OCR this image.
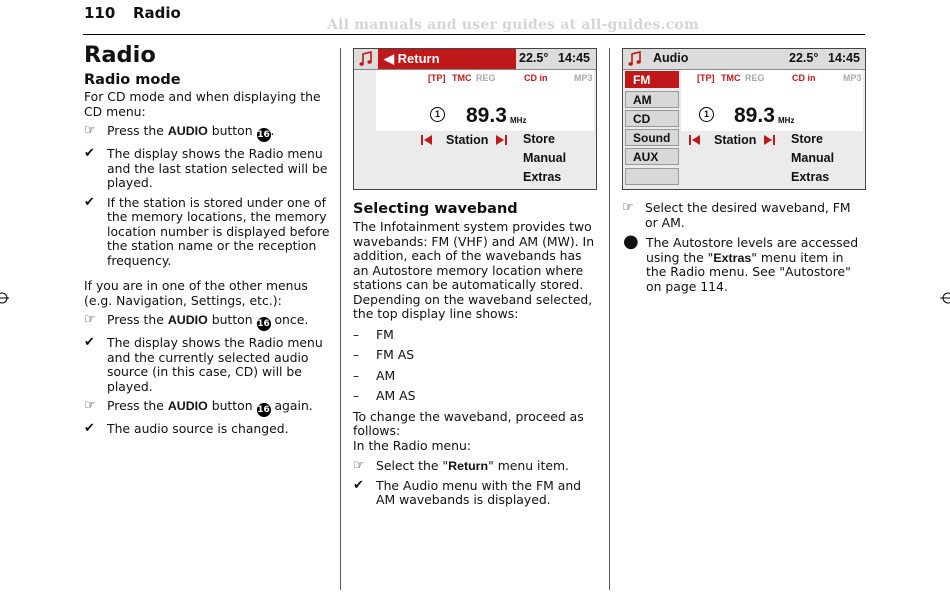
110 Radio
All manuals and user guides at all-guides.com
Radio
Radio mode

For CD mode and when displaying the CD menu:

☞ Press the AUDIO button 16.
✔ The display shows the Radio menu and the last station selected will be played.
✔ If the station is stored under one of the memory locations, the memory location number is displayed before the station name or the reception frequency.

If you are in one of the other menus (e.g. Navigation, Settings, etc.):

☞ Press the AUDIO button 16 once.
✔ The display shows the Radio menu and the currently selected audio source (in this case, CD) will be played.
☞ Press the AUDIO button 16 again.
✔ The audio source is changed.
◀ Return	22.5° 14:45
[TP] TMC REG	CD in	MP3
1 89.3 MHz
Station	Store
Manual
Extras
Selecting waveband

The Infotainment system provides two wavebands: FM (VHF) and AM (MW). In addition, each of the wavebands has an Autostore memory location where stations can be automatically stored.

Depending on the waveband selected, the top display line shows:

–	FM
–	FM AS
–	AM
–	AM AS

To change the waveband, proceed as follows:

In the Radio menu:

☞ Select the "Return" menu item.
✔ The Audio menu with the FM and AM wavebands is displayed.
Audio	22.5° 14:45
FM
AM
CD
Sound
AUX
[TP] TMC REG	CD in	MP3
1 89.3 MHz
Station	Store
Manual
Extras
☞ Select the desired waveband, FM or AM.
● The Autostore levels are accessed using the "Extras" menu item in the Radio menu. See "Autostore" on page 114.
